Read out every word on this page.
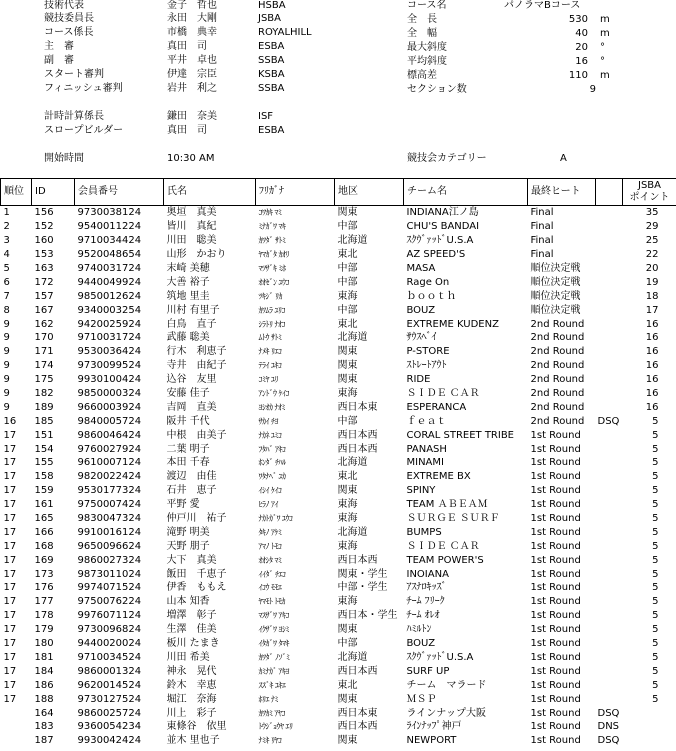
技術代表	金子　哲也	HSBA
競技委員長	永田　大剛	JSBA
コース係長	市橋　典幸	ROYALHILL
主　審	真田　司	ESBA
副　審	平井　卓也	SSBA
スタート審判	伊達　宗臣	KSBA
フィニッシュ審判	岩井　利之	SSBA
計時計算係長	鎌田　奈美	ISF
スロープビルダー	真田　司	ESBA
コース名	パノラマBコース
全　長	530 m
全　幅	40 m
最大斜度	20 °
平均斜度	16 °
標高差	110 m
セクション数	9
開始時間	10:30 AM	競技会カテゴリー	A
順位	ID	会員番号	氏名	ﾌﾘｶﾞﾅ	地区	チーム名	最終ヒート		JSBA
ポイント
1	156	9730038124	奥垣　真美	ｺﾜｶｷ ﾏﾐ	関東	INDIANA江ノ島	Final		35
2	152	9540011224	皆川　真紀	ﾐﾅｶﾞﾜ ﾏｷ	中部	CHU'S BANDAI	Final		29
3	160	9710034424	川田　聡美	ｶﾜﾀﾞ ｻﾄﾐ	北海道	ｽｸｳﾞｧｯﾄﾞU.S.A	Final		25
4	153	9520048654	山形　かおり	ﾔﾏｶﾞﾀ ｶｵﾘ	東北	AZ SPEED'S	Final		22
5	163	9740031724	末崎 美穂	ﾏﾂｻﾞｷ ﾐﾎ	中部	MASA	順位決定戦		20
6	172	9440049924	大善 裕子	ｵｵｾﾞﾝ ﾕｳｺ	中部	Rage On	順位決定戦		19
7	157	9850012624	筑地 里圭	ﾂｷｼﾞ ﾘｶ	東海	ｂｏｏｔｈ	順位決定戦		18
8	167	9340003254	川村 有里子	ｶﾜﾑﾗ ﾕﾘｺ	中部	BOUZ	順位決定戦		17
9	162	9420025924	白鳥　直子	ｼﾗﾄﾘ ﾅｵｺ	東北	EXTREME KUDENZ	2nd Round		16
9	170	9710031724	武藤 聡美	ﾑﾄｳ ｻﾄﾐ	北海道	ｻｳｽﾍﾞｲ	2nd Round		16
9	171	9530036424	行木　利恵子	ﾅﾒｷ ﾘｴｺ	関東	P-STORE	2nd Round		16
9	174	9730099524	寺井　由紀子	ﾃﾗｲ ﾕｷｺ	関東	ｽﾄﾚｰﾄｱｳﾄ	2nd Round		16
9	175	9930100424	込谷　友里	ｺﾐﾔ ﾕﾘ	関東	RIDE	2nd Round		16
9	182	9850000324	安藤 佳子	ｱﾝﾄﾞｳ ｹｲｺ	東海	ＳＩＤＥ ＣＡＲ	2nd Round		16
9	189	9660003924	吉岡　直美	ﾖｼｵｶ ﾅｵﾐ	西日本東	ESPERANCA	2nd Round		16
16	185	9840005724	阪井 千代	ｻｶｲ ﾁﾖ	中部	ｆｅａｔ	2nd Round	DSQ	5
17	151	9860046424	中根　由美子	ﾅｶﾈ ﾕﾐｺ	西日本西	CORAL STREET TRIBE	1st Round		5
17	154	9760027924	二葉 明子	ﾌﾀﾊﾞ ｱｷｺ	西日本西	PANASH	1st Round		5
17	155	9610007124	本田 千春	ﾎﾝﾀﾞ ﾁﾊﾙ	北海道	MINAMI	1st Round		5
17	158	9820022424	渡辺　由佳	ﾜﾀﾅﾍﾞ ﾕｶ	東北	EXTREME BX	1st Round		5
17	159	9530177324	石井　恵子	ｲｼｲ ｹｲｺ	関東	SPINY	1st Round		5
17	161	9750007424	平野 愛	ﾋﾗﾉ ｱｲ	東海	TEAM ＡＢＥＡＭ	1st Round		5
17	165	9830047324	仲戸川　祐子	ﾅｶﾄｶﾞﾜ ﾕｳｺ	東海	ＳＵＲＧＥ ＳＵＲＦ	1st Round		5
17	166	9910016124	滝野 明美	ﾀｷﾉ ｱｹﾐ	北海道	BUMPS	1st Round		5
17	168	9650096624	天野 朋子	ｱﾏﾉ ﾄﾓｺ	東海	ＳＩＤＥ ＣＡＲ	1st Round		5
17	169	9860027324	大下　真美	ｵｵｼﾀ ﾏﾐ	西日本西	TEAM POWER'S	1st Round		5
17	173	9873011024	飯田　千恵子	ｲｲﾀﾞ ﾁｴｺ	関東・学生	INOIANA	1st Round		5
17	176	9974071524	伊香　ももえ	ｲｺｳ ﾓﾓｴ	中部・学生	ｱｽﾅﾛｷｯｽﾞ	1st Round		5
17	177	9750076224	山本 知香	ﾔﾏﾓﾄ ﾄﾓｶ	東海	ﾁｰﾑ ﾌﾘｰｸ	1st Round		5
17	178	9976071124	増澤　彰子	ﾏｽｻﾞﾜ ｱｷｺ	西日本・学生	ﾁｰﾑ ｵﾚｵ	1st Round		5
17	179	9730096824	生澤　佳美	ｲｸｻﾞﾜ ﾖｼﾐ	関東	ﾊﾐﾙﾄﾝ	1st Round		5
17	180	9440020024	板川 たまき	ｲﾀｶﾞﾜ ﾀﾏｷ	中部	BOUZ	1st Round		5
17	181	9710034524	川田 希美	ｶﾜﾀﾞ ﾉｿﾞﾐ	北海道	ｽｸｳﾞｧｯﾄﾞU.S.A	1st Round		5
17	184	9860001324	神永　晃代	ｶﾐﾅｶﾞ ｱｷﾖ	西日本西	SURF UP	1st Round		5
17	186	9620014524	鈴木　幸恵	ｽｽﾞｷ ﾕｷｴ	東北	チーム　マラード	1st Round		5
17	188	9730127524	堀江　奈海	ﾎﾘｴ ﾅﾐ	関東	ＭＳＰ	1st Round		5
	164	9860025724	川上　彩子	ｶﾜｶﾐ ｱﾔｺ	西日本東	ラインナップ大阪	1st Round	DSQ	
	183	9360054234	東條谷　依里	ﾄｳｼﾞｮｳﾔ ｴﾘ	西日本西	ﾗｲﾝﾅｯﾌﾟ神戸	1st Round	DNS	
	187	9930042424	並木 里也子	ﾅﾐｷ ﾘﾔｺ	関東	NEWPORT	1st Round	DSQ	
